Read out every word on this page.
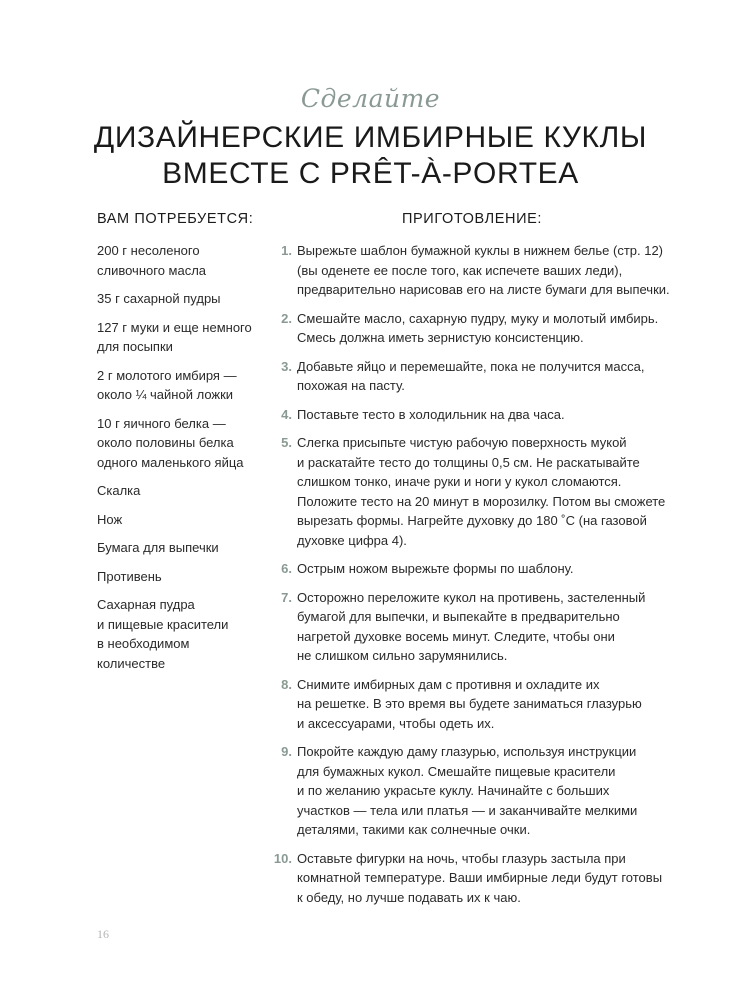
Сделайте
ДИЗАЙНЕРСКИЕ ИМБИРНЫЕ КУКЛЫ
ВМЕСТЕ С PRÊT-À-PORTEA
ВАМ ПОТРЕБУЕТСЯ:	ПРИГОТОВЛЕНИЕ:
200 г несоленого
сливочного масла
35 г сахарной пудры
127 г муки и еще немного
для посыпки
2 г молотого имбиря —
около ¼ чайной ложки
10 г яичного белка —
около половины белка
одного маленького яйца
Скалка
Нож
Бумага для выпечки
Противень
Сахарная пудра
и пищевые красители
в необходимом
количестве
1. Вырежьте шаблон бумажной куклы в нижнем белье (стр. 12)
(вы оденете ее после того, как испечете ваших леди),
предварительно нарисовав его на листе бумаги для выпечки.
2. Смешайте масло, сахарную пудру, муку и молотый имбирь.
Смесь должна иметь зернистую консистенцию.
3. Добавьте яйцо и перемешайте, пока не получится масса,
похожая на пасту.
4. Поставьте тесто в холодильник на два часа.
5. Слегка присыпьте чистую рабочую поверхность мукой
и раскатайте тесто до толщины 0,5 см. Не раскатывайте
слишком тонко, иначе руки и ноги у кукол сломаются.
Положите тесто на 20 минут в морозилку. Потом вы сможете
вырезать формы. Нагрейте духовку до 180 ˚С (на газовой
духовке цифра 4).
6. Острым ножом вырежьте формы по шаблону.
7. Осторожно переложите кукол на противень, застеленный
бумагой для выпечки, и выпекайте в предварительно
нагретой духовке восемь минут. Следите, чтобы они
не слишком сильно зарумянились.
8. Снимите имбирных дам с противня и охладите их
на решетке. В это время вы будете заниматься глазурью
и аксессуарами, чтобы одеть их.
9. Покройте каждую даму глазурью, используя инструкции
для бумажных кукол. Смешайте пищевые красители
и по желанию украсьте куклу. Начинайте с больших
участков — тела или платья — и заканчивайте мелкими
деталями, такими как солнечные очки.
10. Оставьте фигурки на ночь, чтобы глазурь застыла при
комнатной температуре. Ваши имбирные леди будут готовы
к обеду, но лучше подавать их к чаю.
16
